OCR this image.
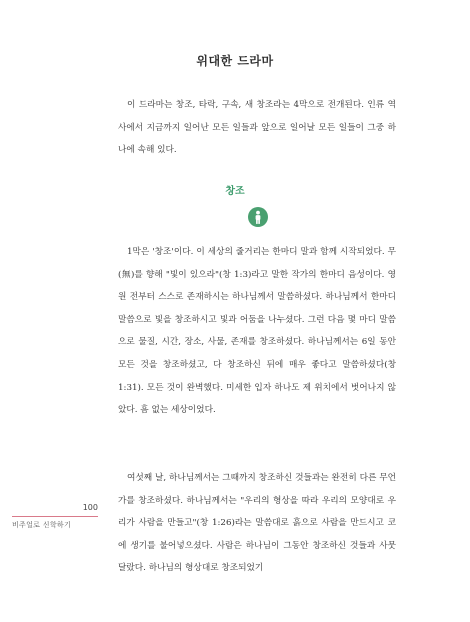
위대한 드라마

이 드라마는 창조, 타락, 구속, 새 창조라는 4막으로 전개된다. 인류 역사에서 지금까지 일어난 모든 일들과 앞으로 일어날 모든 일들이 그중 하나에 속해 있다.

창조

1막은 '창조'이다. 이 세상의 줄거리는 한마디 말과 함께 시작되었다. 무(無)를 향해 "빛이 있으라"(창 1:3)라고 말한 작가의 한마디 음성이다. 영원 전부터 스스로 존재하시는 하나님께서 말씀하셨다. 하나님께서 한마디 말씀으로 빛을 창조하시고 빛과 어둠을 나누셨다. 그런 다음 몇 마디 말씀으로 물질, 시간, 장소, 사물, 존재를 창조하셨다. 하나님께서는 6일 동안 모든 것을 창조하셨고, 다 창조하신 뒤에 매우 좋다고 말씀하셨다(창 1:31). 모든 것이 완벽했다. 미세한 입자 하나도 제 위치에서 벗어나지 않았다. 흠 없는 세상이었다.

여섯째 날, 하나님께서는 그때까지 창조하신 것들과는 완전히 다른 무언가를 창조하셨다. 하나님께서는 "우리의 형상을 따라 우리의 모양대로 우리가 사람을 만들고"(창 1:26)라는 말씀대로 흙으로 사람을 만드시고 코에 생기를 불어넣으셨다. 사람은 하나님이 그동안 창조하신 것들과 사뭇 달랐다. 하나님의 형상대로 창조되었기

100
비주얼로 신학하기
